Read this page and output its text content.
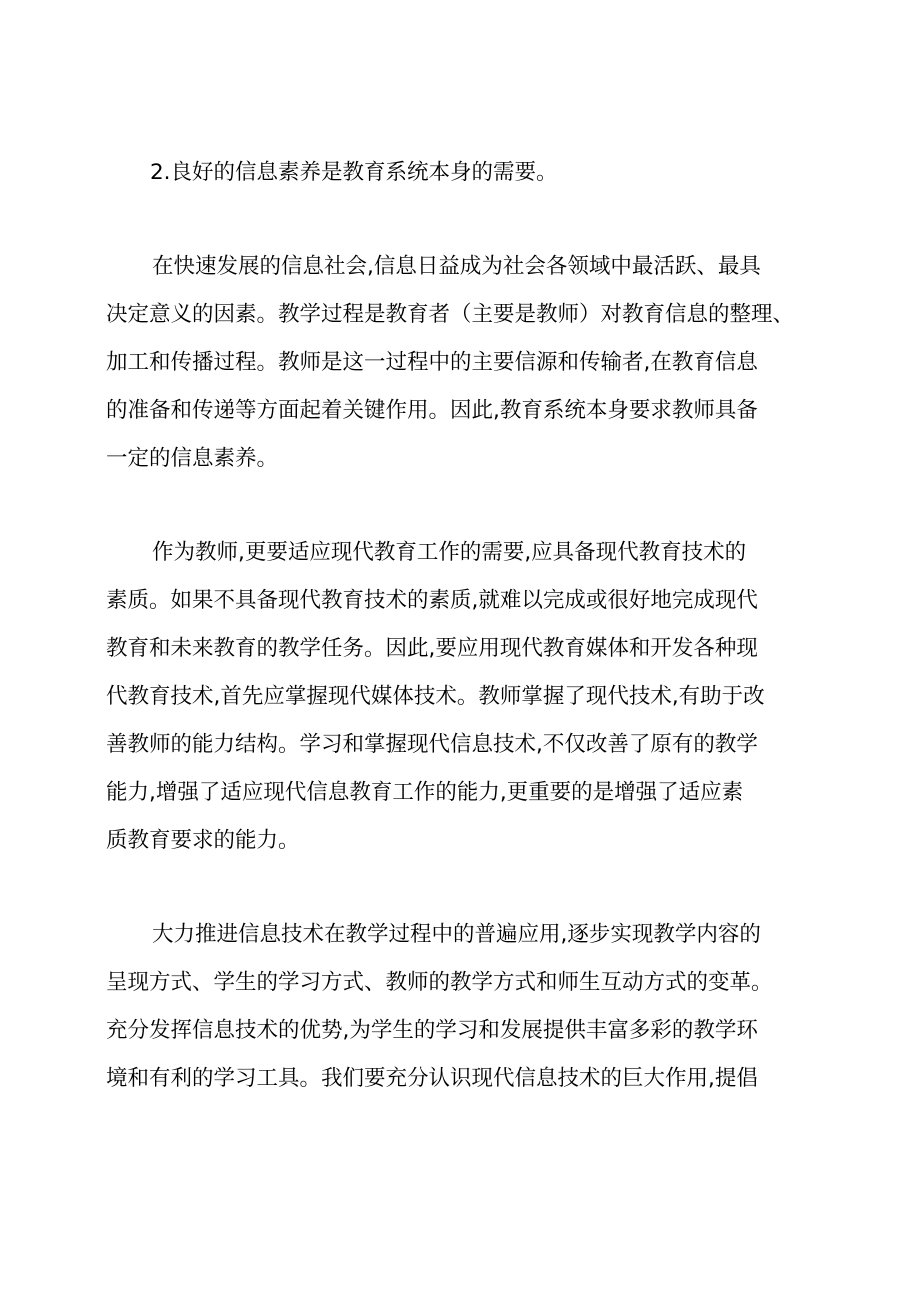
2.良好的信息素养是教育系统本身的需要。

在快速发展的信息社会,信息日益成为社会各领域中最活跃、最具

决定意义的因素。教学过程是教育者（主要是教师）对教育信息的整理、

加工和传播过程。教师是这一过程中的主要信源和传输者,在教育信息

的准备和传递等方面起着关键作用。因此,教育系统本身要求教师具备

一定的信息素养。

作为教师,更要适应现代教育工作的需要,应具备现代教育技术的

素质。如果不具备现代教育技术的素质,就难以完成或很好地完成现代

教育和未来教育的教学任务。因此,要应用现代教育媒体和开发各种现

代教育技术,首先应掌握现代媒体技术。教师掌握了现代技术,有助于改

善教师的能力结构。学习和掌握现代信息技术,不仅改善了原有的教学

能力,增强了适应现代信息教育工作的能力,更重要的是增强了适应素

质教育要求的能力。

大力推进信息技术在教学过程中的普遍应用,逐步实现教学内容的

呈现方式、学生的学习方式、教师的教学方式和师生互动方式的变革。

充分发挥信息技术的优势,为学生的学习和发展提供丰富多彩的教学环

境和有利的学习工具。我们要充分认识现代信息技术的巨大作用,提倡
